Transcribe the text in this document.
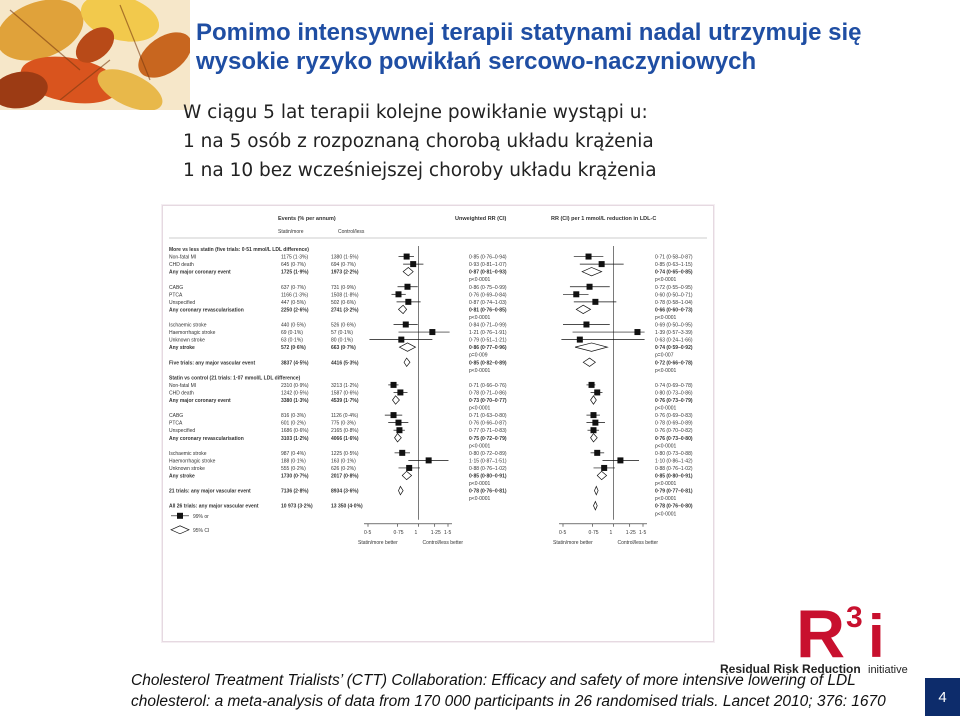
Pomimo intensywnej terapii statynami nadal utrzymuje się
wysokie ryzyko powikłań sercowo-naczyniowych
W ciągu 5 lat terapii kolejne powikłanie wystąpi u:
1 na 5 osób z rozpoznaną chorobą układu krążenia
1 na 10 bez wcześniejszej choroby układu krążenia
Events (% per annum)
Statin/more	Control/less
Unweighted RR (CI)	RR (CI) per 1 mmol/L reduction in LDL-C
0·5	0·75 1	1·25 1·5
Statin/more better	Control/less better
0·5	0·75 1	1·25 1·5
Statin/more better	Control/less better
99% or
95% CI
More vs less statin (five trials: 0·51 mmol/L LDL difference)
Non-fatal MI	1175 (1·3%)	1380 (1·5%)	0·85 (0·76–0·94)	0·71 (0·58–0·87)
CHD death	645 (0·7%)	694 (0·7%)	0·93 (0·81–1·07)	0·85 (0·63–1·15)
Any major coronary event	1725 (1·9%)	1973 (2·2%)	0·87 (0·81–0·93)	0·74 (0·65–0·85)
p<0·0001	p<0·0001
CABG	637 (0·7%)	731 (0·9%)	0·86 (0·75–0·99)	0·72 (0·55–0·95)
PTCA	1166 (1·3%)	1508 (1·8%)	0·76 (0·69–0·84)	0·60 (0·50–0·71)
Unspecified	447 (0·5%)	502 (0·6%)	0·87 (0·74–1·03)	0·78 (0·58–1·04)
Any coronary revascularisation	2250 (2·6%)	2741 (3·2%)	0·81 (0·76–0·85)	0·66 (0·60–0·73)
p<0·0001	p<0·0001
Ischaemic stroke	440 (0·5%)	526 (0·6%)	0·84 (0·71–0·99)	0·69 (0·50–0·95)
Haemorrhagic stroke	69 (0·1%)	57 (0·1%)	1·21 (0·76–1·91)	1·39 (0·57–3·39)
Unknown stroke	63 (0·1%)	80 (0·1%)	0·79 (0·51–1·21)	0·63 (0·24–1·66)
Any stroke	572 (0·6%)	663 (0·7%)	0·86 (0·77–0·96)	0·74 (0·59–0·92)
p=0·009	p=0·007
Five trials: any major vascular event	3837 (4·5%)	4416 (5·3%)	0·85 (0·82–0·89)	0·72 (0·66–0·78)
p<0·0001	p<0·0001
Statin vs control (21 trials: 1·07 mmol/L LDL difference)
Non-fatal MI	2310 (0·9%)	3213 (1·2%)	0·71 (0·66–0·76)	0·74 (0·69–0·78)
CHD death	1242 (0·5%)	1587 (0·6%)	0·78 (0·71–0·86)	0·80 (0·73–0·86)
Any major coronary event	3380 (1·3%)	4539 (1·7%)	0·73 (0·70–0·77)	0·76 (0·73–0·79)
p<0·0001	p<0·0001
CABG	816 (0·3%)	1126 (0·4%)	0·71 (0·63–0·80)	0·76 (0·69–0·83)
PTCA	601 (0·2%)	775 (0·3%)	0·76 (0·66–0·87)	0·78 (0·69–0·89)
Unspecified	1686 (0·6%)	2165 (0·8%)	0·77 (0·71–0·83)	0·76 (0·70–0·82)
Any coronary revascularisation	3103 (1·2%)	4066 (1·6%)	0·75 (0·72–0·79)	0·76 (0·73–0·80)
p<0·0001	p<0·0001
Ischaemic stroke	987 (0·4%)	1225 (0·5%)	0·80 (0·72–0·89)	0·80 (0·73–0·88)
Haemorrhagic stroke	188 (0·1%)	163 (0·1%)	1·15 (0·87–1·51)	1·10 (0·86–1·42)
Unknown stroke	555 (0·2%)	626 (0·2%)	0·88 (0·76–1·02)	0·88 (0·76–1·02)
Any stroke	1730 (0·7%)	2017 (0·8%)	0·85 (0·80–0·91)	0·85 (0·80–0·91)
p<0·0001	p<0·0001
21 trials: any major vascular event	7136 (2·8%)	8934 (3·6%)	0·78 (0·76–0·81)	0·79 (0·77–0·81)
p<0·0001	p<0·0001
All 26 trials: any major vascular event	10 973 (3·2%)	13 350 (4·0%)	0·78 (0·76–0·80)
p<0·0001
R 3 i
Residual Risk Reduction initiative
Cholesterol Treatment Trialists’ (CTT) Collaboration: Efficacy and safety of more intensive lowering of LDL
cholesterol: a meta-analysis of data from 170 000 participants in 26 randomised trials. Lancet 2010; 376: 1670	4
